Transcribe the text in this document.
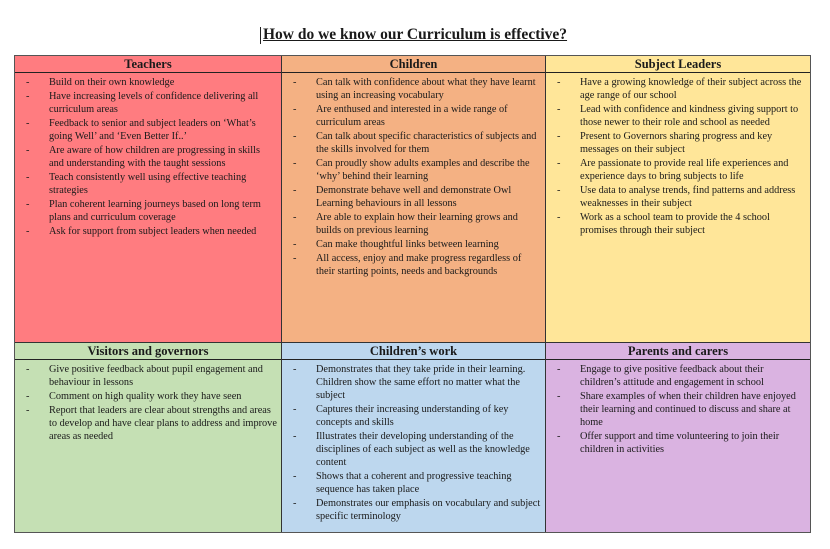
How do we know our Curriculum is effective?
Teachers
- Build on their own knowledge
- Have increasing levels of confidence delivering all curriculum areas
- Feedback to senior and subject leaders on ‘What’s going Well’ and ‘Even Better If..’
- Are aware of how children are progressing in skills and understanding with the taught sessions
- Teach consistently well using effective teaching strategies
- Plan coherent learning journeys based on long term plans and curriculum coverage
- Ask for support from subject leaders when needed
Children
- Can talk with confidence about what they have learnt using an increasing vocabulary
- Are enthused and interested in a wide range of curriculum areas
- Can talk about specific characteristics of subjects and the skills involved for them
- Can proudly show adults examples and describe the ‘why’ behind their learning
- Demonstrate behave well and demonstrate Owl Learning behaviours in all lessons
- Are able to explain how their learning grows and builds on previous learning
- Can make thoughtful links between learning
- All access, enjoy and make progress regardless of their starting points, needs and backgrounds
Subject Leaders
- Have a growing knowledge of their subject across the age range of our school
- Lead with confidence and kindness giving support to those newer to their role and school as needed
- Present to Governors sharing progress and key messages on their subject
- Are passionate to provide real life experiences and experience days to bring subjects to life
- Use data to analyse trends, find patterns and address weaknesses in their subject
- Work as a school team to provide the 4 school promises through their subject
Visitors and governors
- Give positive feedback about pupil engagement and behaviour in lessons
- Comment on high quality work they have seen
- Report that leaders are clear about strengths and areas to develop and have clear plans to address and improve areas as needed
Children’s work
- Demonstrates that they take pride in their learning. Children show the same effort no matter what the subject
- Captures their increasing understanding of key concepts and skills
- Illustrates their developing understanding of the disciplines of each subject as well as the knowledge content
- Shows that a coherent and progressive teaching sequence has taken place
- Demonstrates our emphasis on vocabulary and subject specific terminology
Parents and carers
- Engage to give positive feedback about their children’s attitude and engagement in school
- Share examples of when their children have enjoyed their learning and continued to discuss and share at home
- Offer support and time volunteering to join their children in activities
